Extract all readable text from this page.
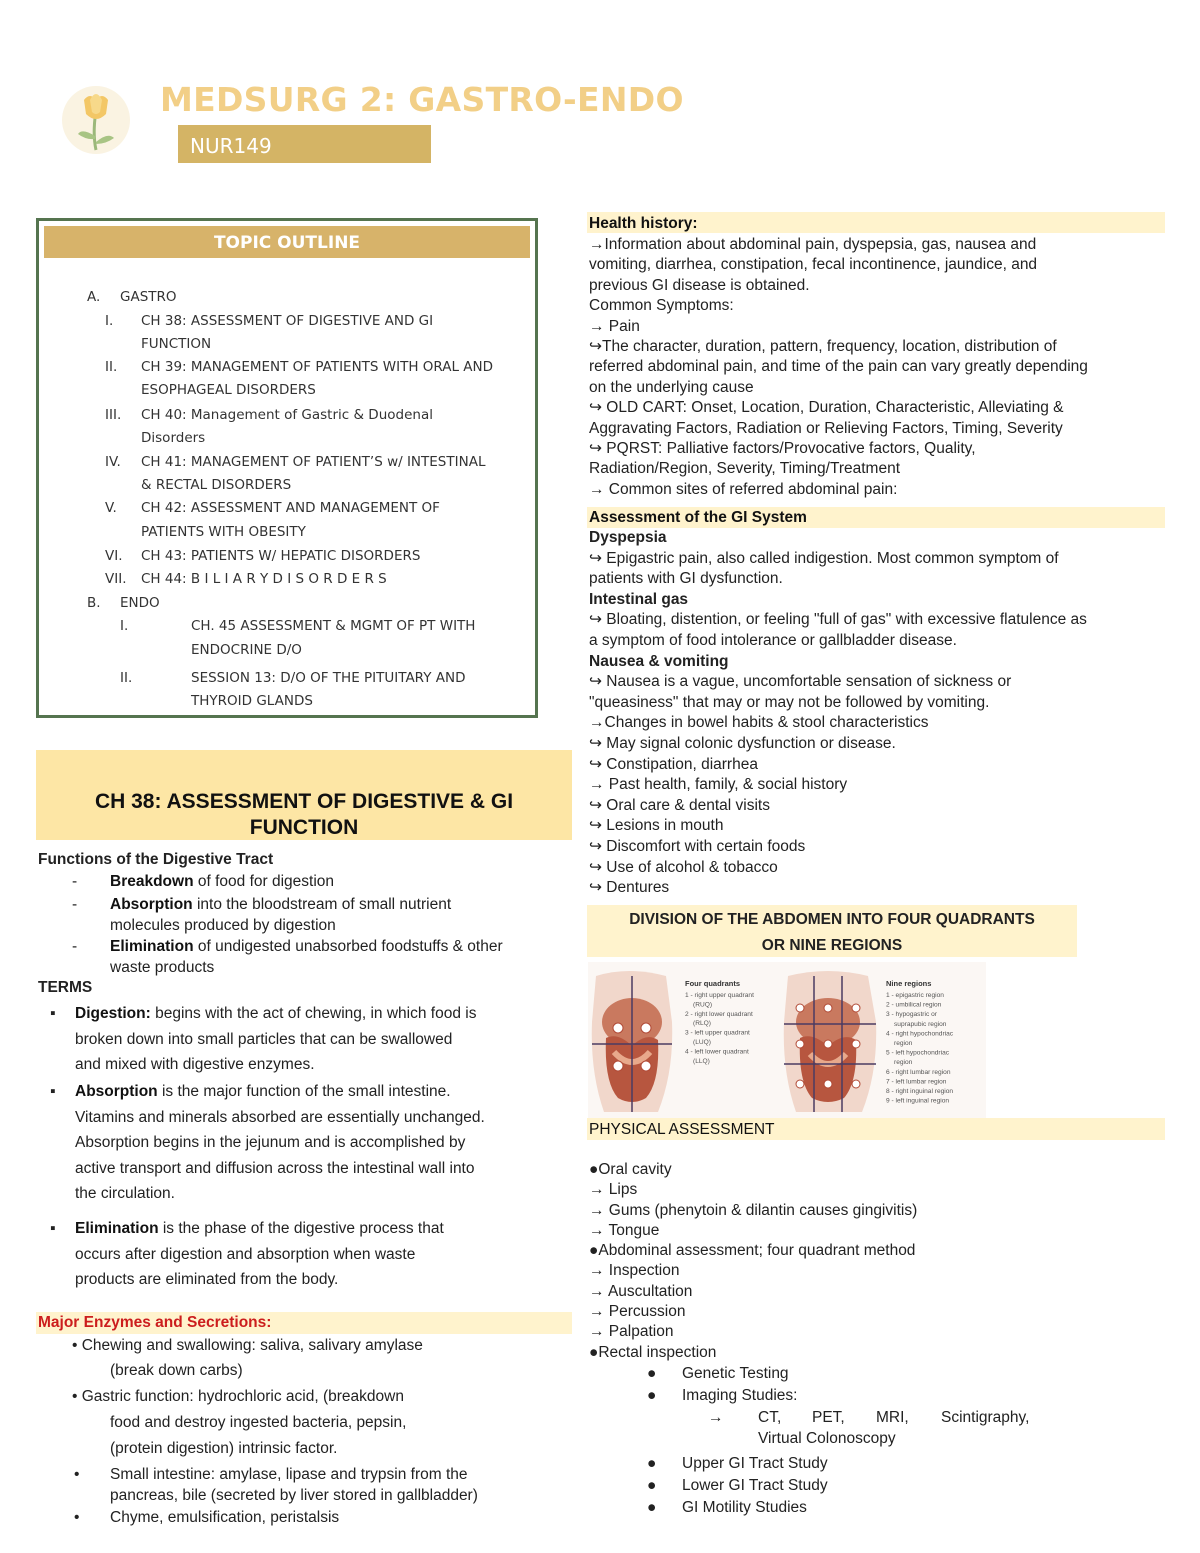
MEDSURG 2: GASTRO-ENDO
NUR149
TOPIC OUTLINE
A. GASTRO
I. CH 38: ASSESSMENT OF DIGESTIVE AND GI
FUNCTION
II. CH 39: MANAGEMENT OF PATIENTS WITH ORAL AND
ESOPHAGEAL DISORDERS
III. CH 40: Management of Gastric & Duodenal
Disorders
IV. CH 41: MANAGEMENT OF PATIENT’S w/ INTESTINAL
& RECTAL DISORDERS
V. CH 42: ASSESSMENT AND MANAGEMENT OF
PATIENTS WITH OBESITY
VI. CH 43: PATIENTS W/ HEPATIC DISORDERS
VII. CH 44: B I L I A R Y D I S O R D E R S
B. ENDO
I.	CH. 45 ASSESSMENT & MGMT OF PT WITH
ENDOCRINE D/O
II.	SESSION 13: D/O OF THE PITUITARY AND
THYROID GLANDS
CH 38: ASSESSMENT OF DIGESTIVE & GI
FUNCTION
Functions of the Digestive Tract
- Breakdown of food for digestion
- Absorption into the bloodstream of small nutrient
molecules produced by digestion
- Elimination of undigested unabsorbed foodstuffs & other
waste products
TERMS
▪ Digestion: begins with the act of chewing, in which food is
broken down into small particles that can be swallowed
and mixed with digestive enzymes.
▪ Absorption is the major function of the small intestine.
Vitamins and minerals absorbed are essentially unchanged.
Absorption begins in the jejunum and is accomplished by
active transport and diffusion across the intestinal wall into
the circulation.
▪ Elimination is the phase of the digestive process that
occurs after digestion and absorption when waste
products are eliminated from the body.
Major Enzymes and Secretions:
• Chewing and swallowing: saliva, salivary amylase
(break down carbs)
• Gastric function: hydrochloric acid, (breakdown
food and destroy ingested bacteria, pepsin,
(protein digestion) intrinsic factor.
• Small intestine: amylase, lipase and trypsin from the
pancreas, bile (secreted by liver stored in gallbladder)
• Chyme, emulsification, peristalsis
Health history:
→Information about abdominal pain, dyspepsia, gas, nausea and
vomiting, diarrhea, constipation, fecal incontinence, jaundice, and
previous GI disease is obtained.
Common Symptoms:
→ Pain
↪The character, duration, pattern, frequency, location, distribution of
referred abdominal pain, and time of the pain can vary greatly depending
on the underlying cause
↪ OLD CART: Onset, Location, Duration, Characteristic, Alleviating &
Aggravating Factors, Radiation or Relieving Factors, Timing, Severity
↪ PQRST: Palliative factors/Provocative factors, Quality,
Radiation/Region, Severity, Timing/Treatment
→ Common sites of referred abdominal pain:
Assessment of the GI System
Dyspepsia
↪ Epigastric pain, also called indigestion. Most common symptom of
patients with GI dysfunction.
Intestinal gas
↪ Bloating, distention, or feeling "full of gas" with excessive flatulence as
a symptom of food intolerance or gallbladder disease.
Nausea & vomiting
↪ Nausea is a vague, uncomfortable sensation of sickness or
"queasiness" that may or may not be followed by vomiting.
→Changes in bowel habits & stool characteristics
↪ May signal colonic dysfunction or disease.
↪ Constipation, diarrhea
→ Past health, family, & social history
↪ Oral care & dental visits
↪ Lesions in mouth
↪ Discomfort with certain foods
↪ Use of alcohol & tobacco
↪ Dentures
DIVISION OF THE ABDOMEN INTO FOUR QUADRANTS
OR NINE REGIONS
Four quadrants
1 - right upper quadrant
(RUQ)
2 - right lower quadrant
(RLQ)
3 - left upper quadrant
(LUQ)
4 - left lower quadrant
(LLQ)
Nine regions
1 - epigastric region
2 - umbilical region
3 - hypogastric or
suprapubic region
4 - right hypochondriac
region
5 - left hypochondriac
region
6 - right lumbar region
7 - left lumbar region
8 - right inguinal region
9 - left inguinal region
PHYSICAL ASSESSMENT
●Oral cavity
→ Lips
→ Gums (phenytoin & dilantin causes gingivitis)
→ Tongue
●Abdominal assessment; four quadrant method
→ Inspection
→ Auscultation
→ Percussion
→ Palpation
●Rectal inspection
● Genetic Testing
● Imaging Studies:
→ CT, PET, MRI, Scintigraphy,
Virtual Colonoscopy
● Upper GI Tract Study
● Lower GI Tract Study
● GI Motility Studies
